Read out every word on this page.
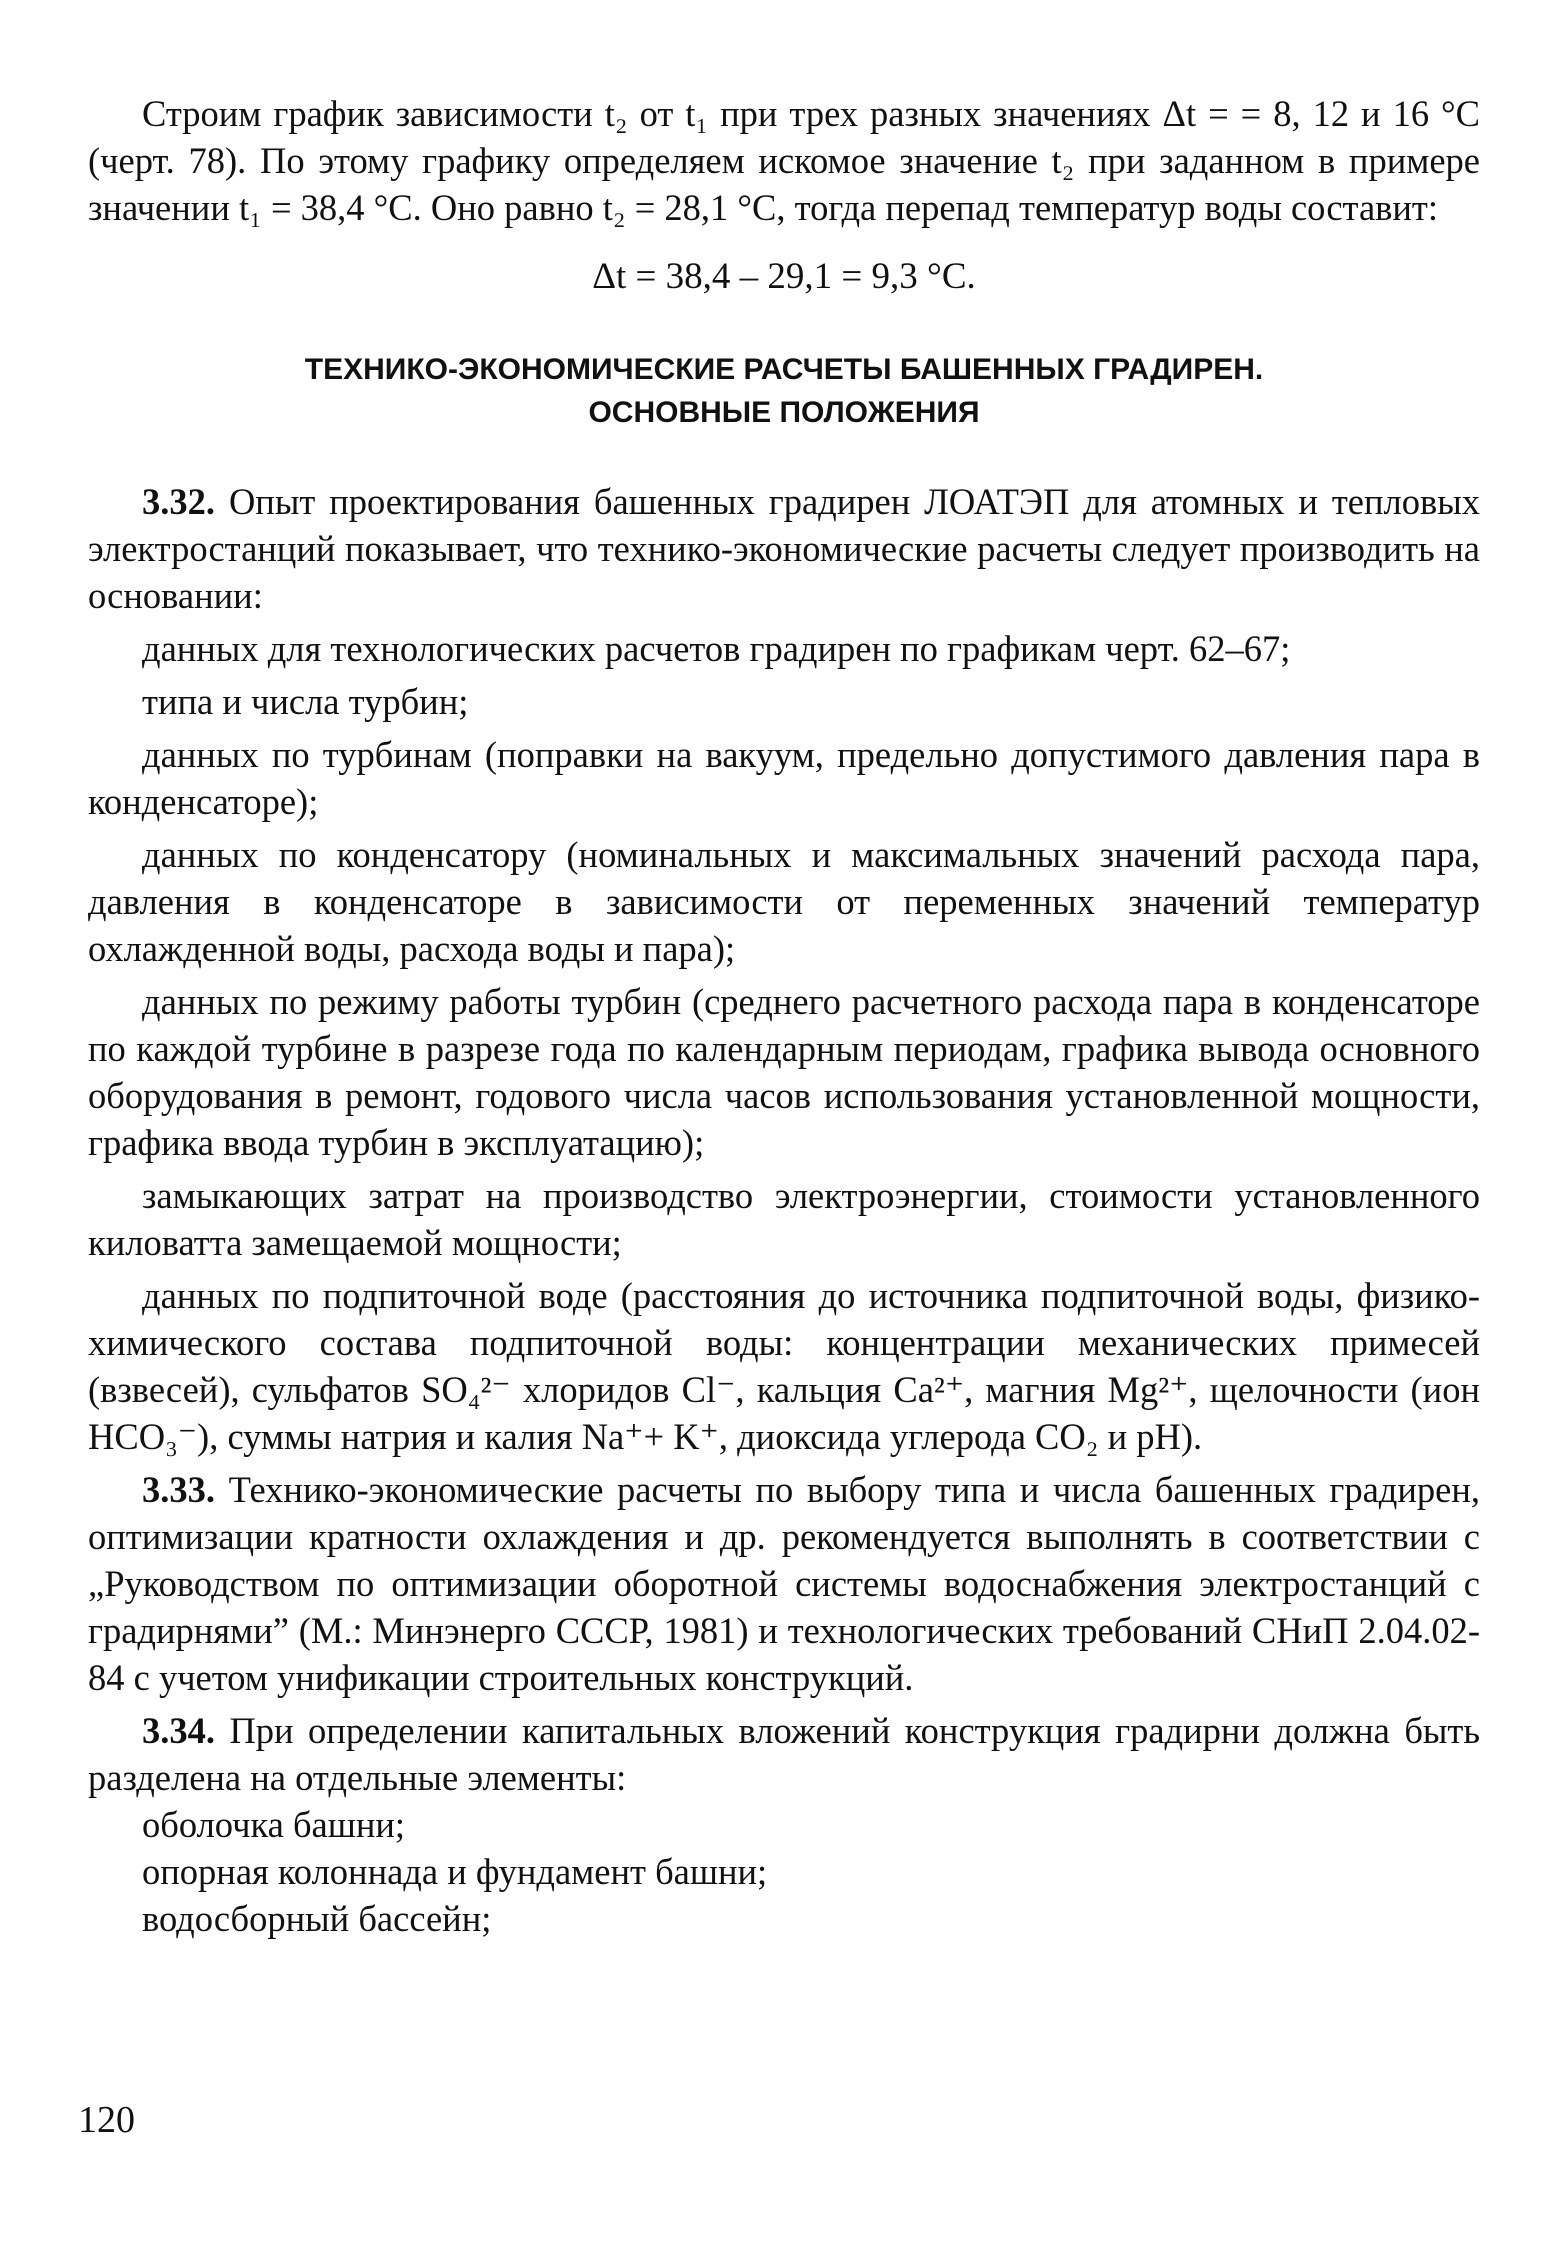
Строим график зависимости t₂ от t₁ при трех разных значениях Δt = = 8, 12 и 16 °С (черт. 78). По этому графику определяем искомое значение t₂ при заданном в примере значении t₁ = 38,4 °С. Оно равно t₂ = 28,1 °С, тогда перепад температур воды составит:

Δt = 38,4 – 29,1 = 9,3 °С.

ТЕХНИКО-ЭКОНОМИЧЕСКИЕ РАСЧЕТЫ БАШЕННЫХ ГРАДИРЕН.
ОСНОВНЫЕ ПОЛОЖЕНИЯ

3.32. Опыт проектирования башенных градирен ЛОАТЭП для атомных и тепловых электростанций показывает, что технико-экономические расчеты следует производить на основании:

данных для технологических расчетов градирен по графикам черт. 62–67;

типа и числа турбин;

данных по турбинам (поправки на вакуум, предельно допустимого давления пара в конденсаторе);

данных по конденсатору (номинальных и максимальных значений расхода пара, давления в конденсаторе в зависимости от переменных значений температур охлажденной воды, расхода воды и пара);

данных по режиму работы турбин (среднего расчетного расхода пара в конденсаторе по каждой турбине в разрезе года по календарным периодам, графика вывода основного оборудования в ремонт, годового числа часов использования установленной мощности, графика ввода турбин в эксплуатацию);

замыкающих затрат на производство электроэнергии, стоимости установленного киловатта замещаемой мощности;

данных по подпиточной воде (расстояния до источника подпиточной воды, физико-химического состава подпиточной воды: концентрации механических примесей (взвесей), сульфатов SO₄²⁻ хлоридов Cl⁻, кальция Ca²⁺, магния Mg²⁺, щелочности (ион HCO₃⁻), суммы натрия и калия Na⁺+ K⁺, диоксида углерода CO₂ и pH).

3.33. Технико-экономические расчеты по выбору типа и числа башенных градирен, оптимизации кратности охлаждения и др. рекомендуется выполнять в соответствии с „Руководством по оптимизации оборотной системы водоснабжения электростанций с градирнями” (М.: Минэнерго СССР, 1981) и технологических требований СНиП 2.04.02-84 с учетом унификации строительных конструкций.

3.34. При определении капитальных вложений конструкция градирни должна быть разделена на отдельные элементы:

оболочка башни;

опорная колоннада и фундамент башни;

водосборный бассейн;

120
